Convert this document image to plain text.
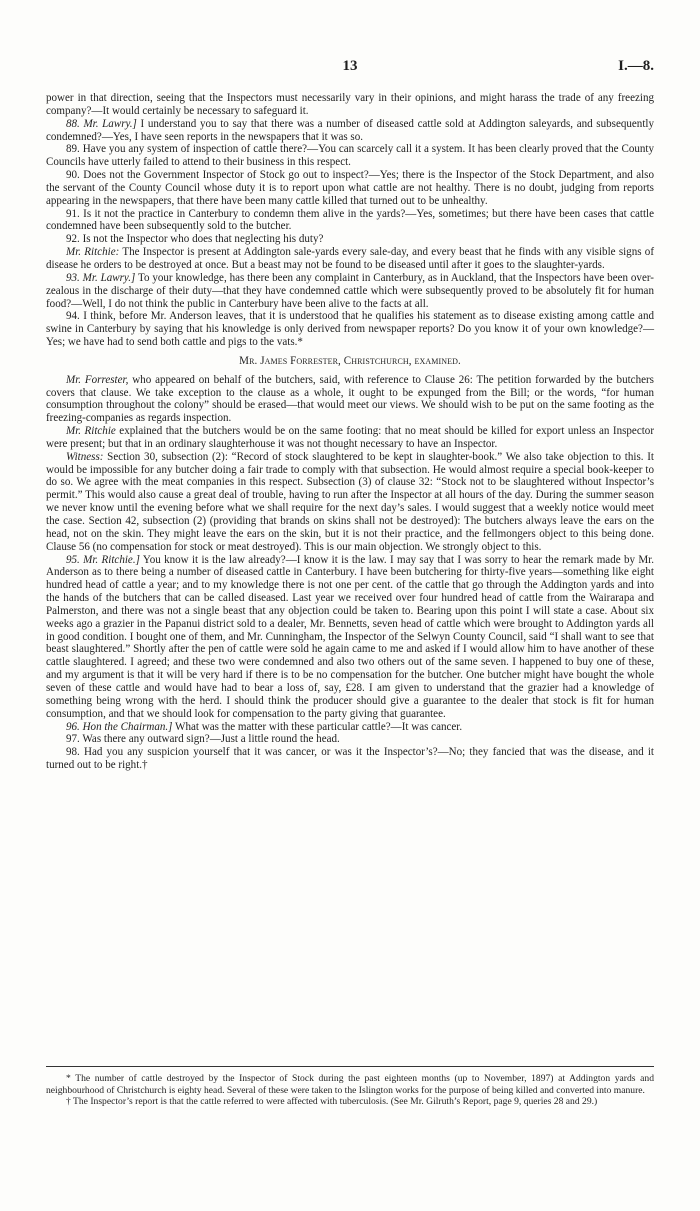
13	I.—8.

power in that direction, seeing that the Inspectors must necessarily vary in their opinions, and might harass the trade of any freezing company?—It would certainly be necessary to safeguard it.

88. Mr. Lawry.] I understand you to say that there was a number of diseased cattle sold at Addington saleyards, and subsequently condemned?—Yes, I have seen reports in the newspapers that it was so.

89. Have you any system of inspection of cattle there?—You can scarcely call it a system. It has been clearly proved that the County Councils have utterly failed to attend to their business in this respect.

90. Does not the Government Inspector of Stock go out to inspect?—Yes; there is the Inspector of the Stock Department, and also the servant of the County Council whose duty it is to report upon what cattle are not healthy. There is no doubt, judging from reports appearing in the newspapers, that there have been many cattle killed that turned out to be unhealthy.

91. Is it not the practice in Canterbury to condemn them alive in the yards?—Yes, sometimes; but there have been cases that cattle condemned have been subsequently sold to the butcher.

92. Is not the Inspector who does that neglecting his duty?

Mr. Ritchie: The Inspector is present at Addington sale-yards every sale-day, and every beast that he finds with any visible signs of disease he orders to be destroyed at once. But a beast may not be found to be diseased until after it goes to the slaughter-yards.

93. Mr. Lawry.] To your knowledge, has there been any complaint in Canterbury, as in Auckland, that the Inspectors have been over-zealous in the discharge of their duty—that they have condemned cattle which were subsequently proved to be absolutely fit for human food?—Well, I do not think the public in Canterbury have been alive to the facts at all.

94. I think, before Mr. Anderson leaves, that it is understood that he qualifies his statement as to disease existing among cattle and swine in Canterbury by saying that his knowledge is only derived from newspaper reports? Do you know it of your own knowledge?—Yes; we have had to send both cattle and pigs to the vats.*

Mr. James Forrester, Christchurch, examined.

Mr. Forrester, who appeared on behalf of the butchers, said, with reference to Clause 26: The petition forwarded by the butchers covers that clause. We take exception to the clause as a whole, it ought to be expunged from the Bill; or the words, “for human consumption throughout the colony” should be erased—that would meet our views. We should wish to be put on the same footing as the freezing-companies as regards inspection.

Mr. Ritchie explained that the butchers would be on the same footing: that no meat should be killed for export unless an Inspector were present; but that in an ordinary slaughterhouse it was not thought necessary to have an Inspector.

Witness: Section 30, subsection (2): “Record of stock slaughtered to be kept in slaughter-book.” We also take objection to this. It would be impossible for any butcher doing a fair trade to comply with that subsection. He would almost require a special book-keeper to do so. We agree with the meat companies in this respect. Subsection (3) of clause 32: “Stock not to be slaughtered without Inspector’s permit.” This would also cause a great deal of trouble, having to run after the Inspector at all hours of the day. During the summer season we never know until the evening before what we shall require for the next day’s sales. I would suggest that a weekly notice would meet the case. Section 42, subsection (2) (providing that brands on skins shall not be destroyed): The butchers always leave the ears on the head, not on the skin. They might leave the ears on the skin, but it is not their practice, and the fellmongers object to this being done. Clause 56 (no compensation for stock or meat destroyed). This is our main objection. We strongly object to this.

95. Mr. Ritchie.] You know it is the law already?—I know it is the law. I may say that I was sorry to hear the remark made by Mr. Anderson as to there being a number of diseased cattle in Canterbury. I have been butchering for thirty-five years—something like eight hundred head of cattle a year; and to my knowledge there is not one per cent. of the cattle that go through the Addington yards and into the hands of the butchers that can be called diseased. Last year we received over four hundred head of cattle from the Wairarapa and Palmerston, and there was not a single beast that any objection could be taken to. Bearing upon this point I will state a case. About six weeks ago a grazier in the Papanui district sold to a dealer, Mr. Bennetts, seven head of cattle which were brought to Addington yards all in good condition. I bought one of them, and Mr. Cunningham, the Inspector of the Selwyn County Council, said “I shall want to see that beast slaughtered.” Shortly after the pen of cattle were sold he again came to me and asked if I would allow him to have another of these cattle slaughtered. I agreed; and these two were condemned and also two others out of the same seven. I happened to buy one of these, and my argument is that it will be very hard if there is to be no compensation for the butcher. One butcher might have bought the whole seven of these cattle and would have had to bear a loss of, say, £28. I am given to understand that the grazier had a knowledge of something being wrong with the herd. I should think the producer should give a guarantee to the dealer that stock is fit for human consumption, and that we should look for compensation to the party giving that guarantee.

96. Hon the Chairman.] What was the matter with these particular cattle?—It was cancer.

97. Was there any outward sign?—Just a little round the head.

98. Had you any suspicion yourself that it was cancer, or was it the Inspector’s?—No; they fancied that was the disease, and it turned out to be right.†

* The number of cattle destroyed by the Inspector of Stock during the past eighteen months (up to November, 1897) at Addington yards and neighbourhood of Christchurch is eighty head. Several of these were taken to the Islington works for the purpose of being killed and converted into manure.

† The Inspector’s report is that the cattle referred to were affected with tuberculosis. (See Mr. Gilruth’s Report, page 9, queries 28 and 29.)
